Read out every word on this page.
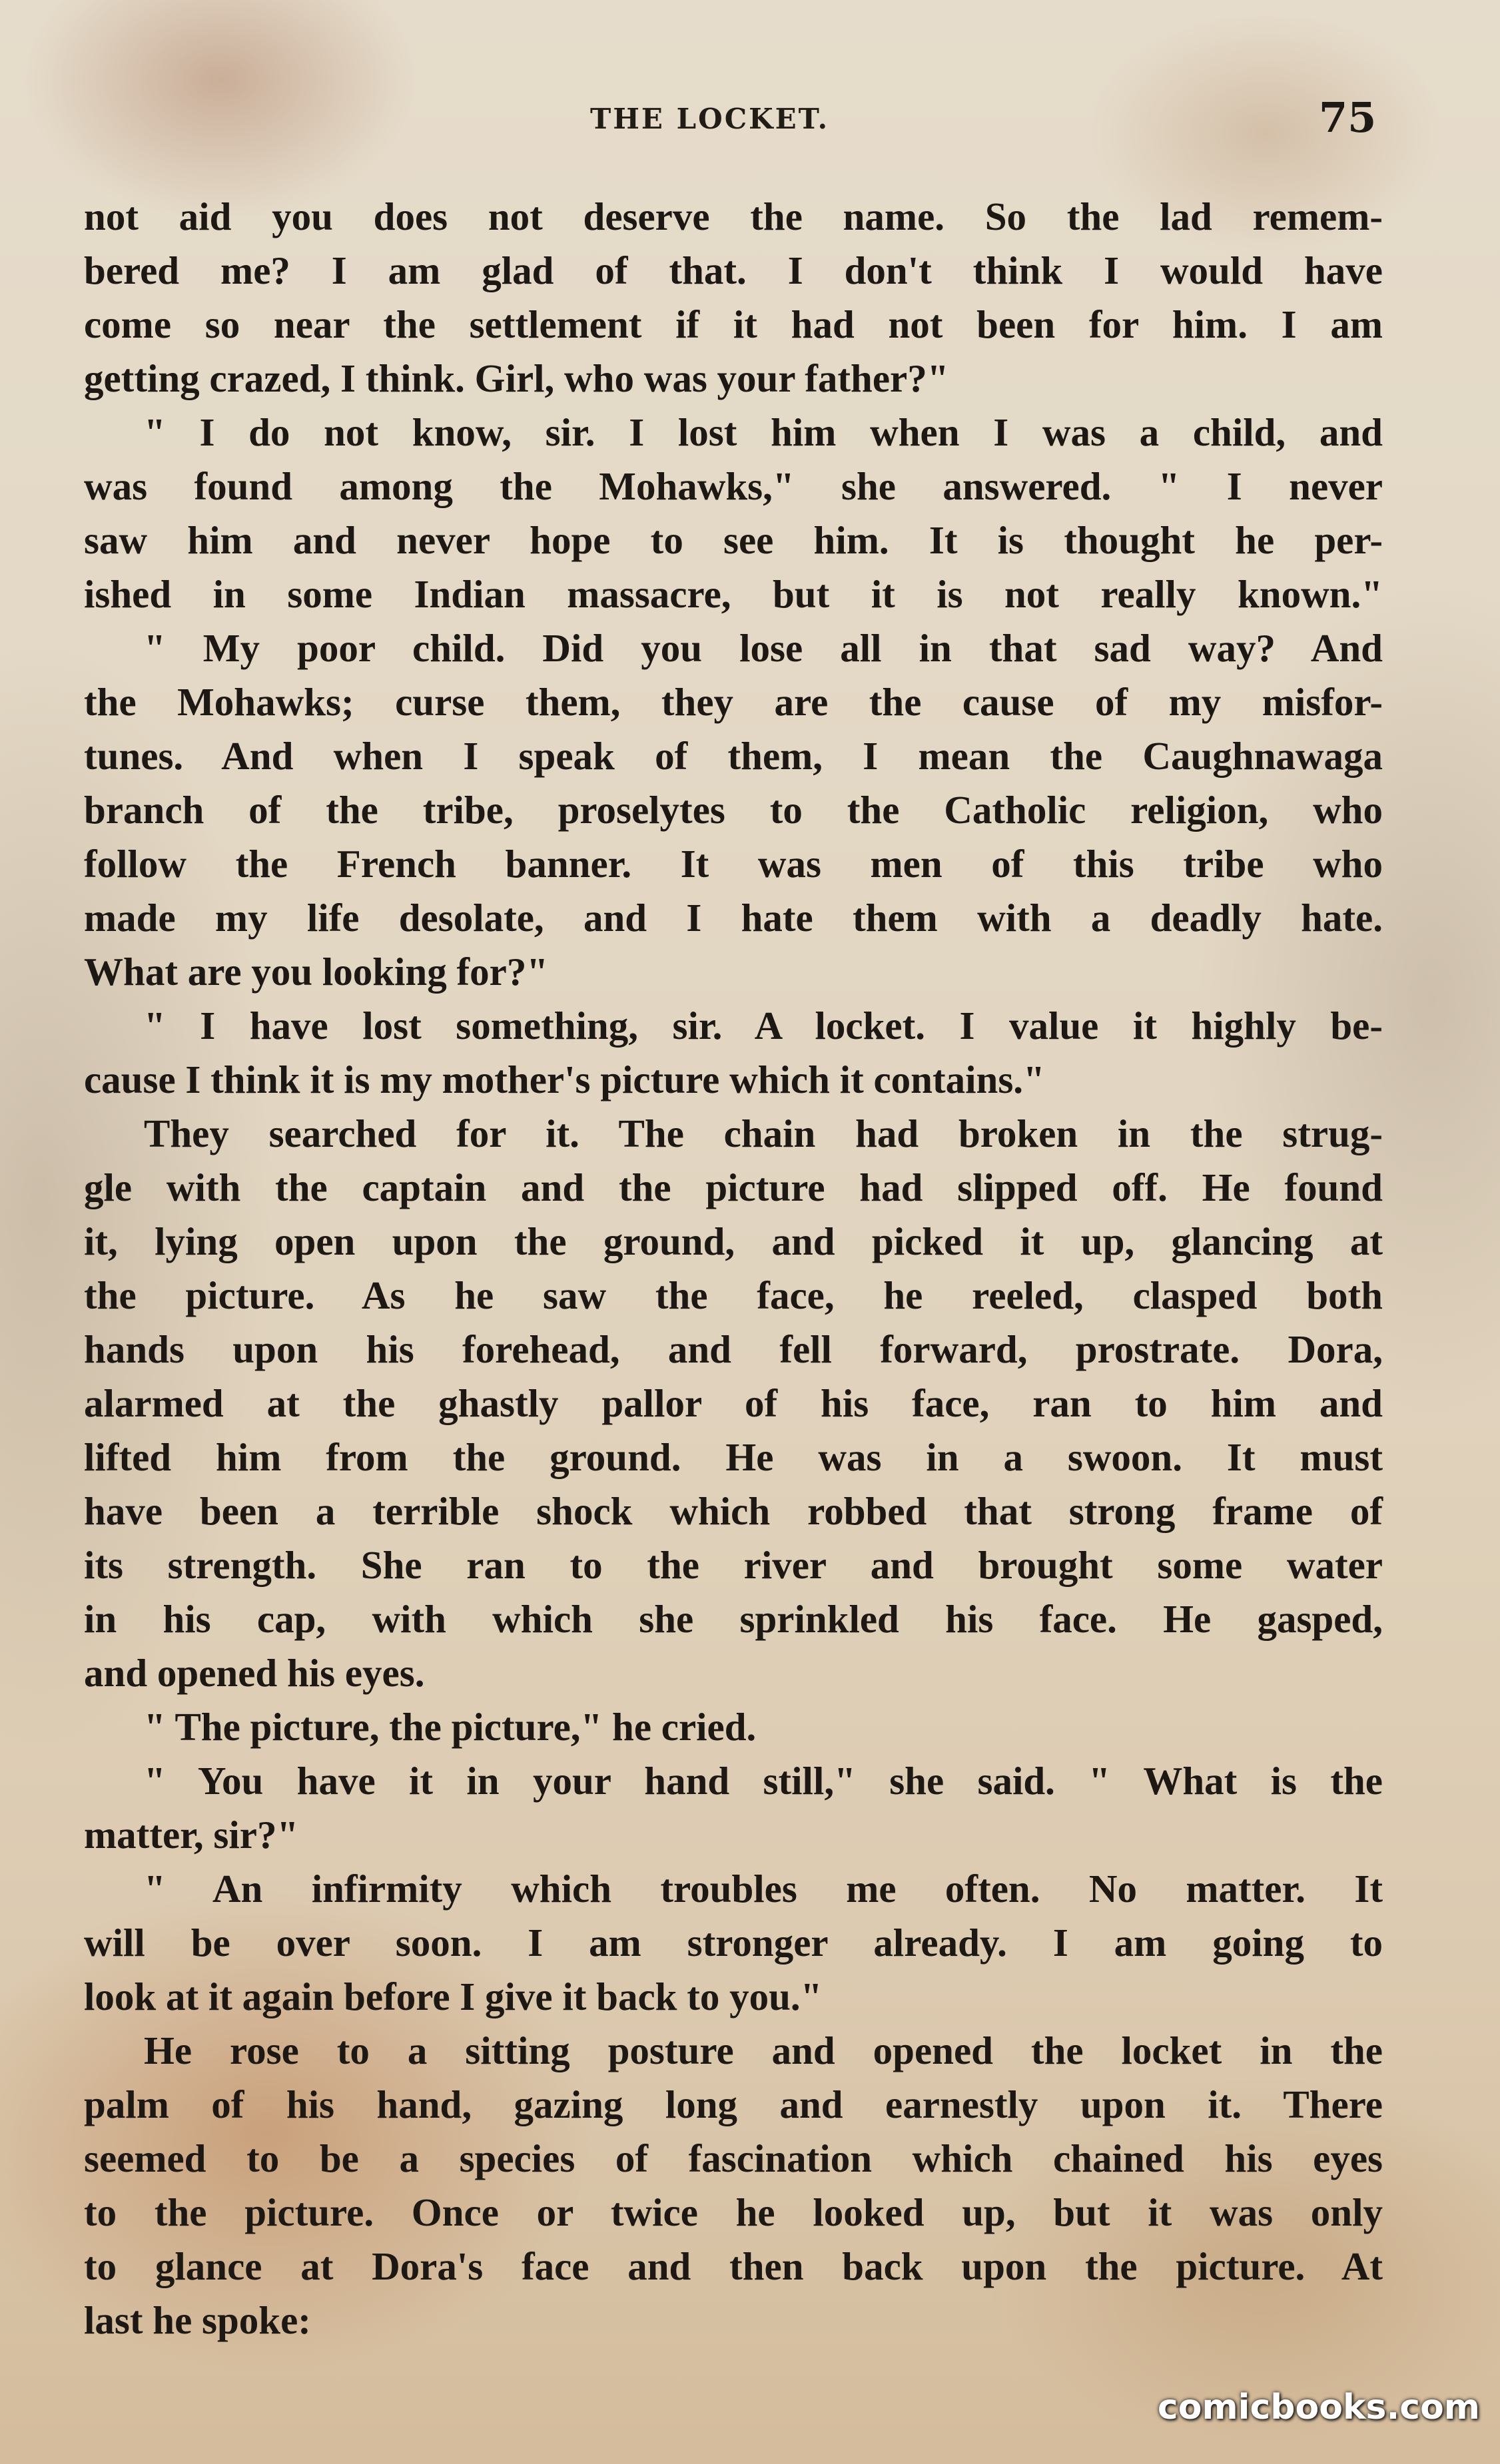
THE LOCKET.	75
not aid you does not deserve the name. So the lad remem-
bered me? I am glad of that. I don't think I would have
come so near the settlement if it had not been for him. I am
getting crazed, I think. Girl, who was your father?"
" I do not know, sir. I lost him when I was a child, and
was found among the Mohawks," she answered. " I never
saw him and never hope to see him. It is thought he per-
ished in some Indian massacre, but it is not really known."
" My poor child. Did you lose all in that sad way? And
the Mohawks; curse them, they are the cause of my misfor-
tunes. And when I speak of them, I mean the Caughnawaga
branch of the tribe, proselytes to the Catholic religion, who
follow the French banner. It was men of this tribe who
made my life desolate, and I hate them with a deadly hate.
What are you looking for?"
" I have lost something, sir. A locket. I value it highly be-
cause I think it is my mother's picture which it contains."
They searched for it. The chain had broken in the strug-
gle with the captain and the picture had slipped off. He found
it, lying open upon the ground, and picked it up, glancing at
the picture. As he saw the face, he reeled, clasped both
hands upon his forehead, and fell forward, prostrate. Dora,
alarmed at the ghastly pallor of his face, ran to him and
lifted him from the ground. He was in a swoon. It must
have been a terrible shock which robbed that strong frame of
its strength. She ran to the river and brought some water
in his cap, with which she sprinkled his face. He gasped,
and opened his eyes.
" The picture, the picture," he cried.
" You have it in your hand still," she said. " What is the
matter, sir?"
" An infirmity which troubles me often. No matter. It
will be over soon. I am stronger already. I am going to
look at it again before I give it back to you."
He rose to a sitting posture and opened the locket in the
palm of his hand, gazing long and earnestly upon it. There
seemed to be a species of fascination which chained his eyes
to the picture. Once or twice he looked up, but it was only
to glance at Dora's face and then back upon the picture. At
last he spoke:
comicbooks.com
